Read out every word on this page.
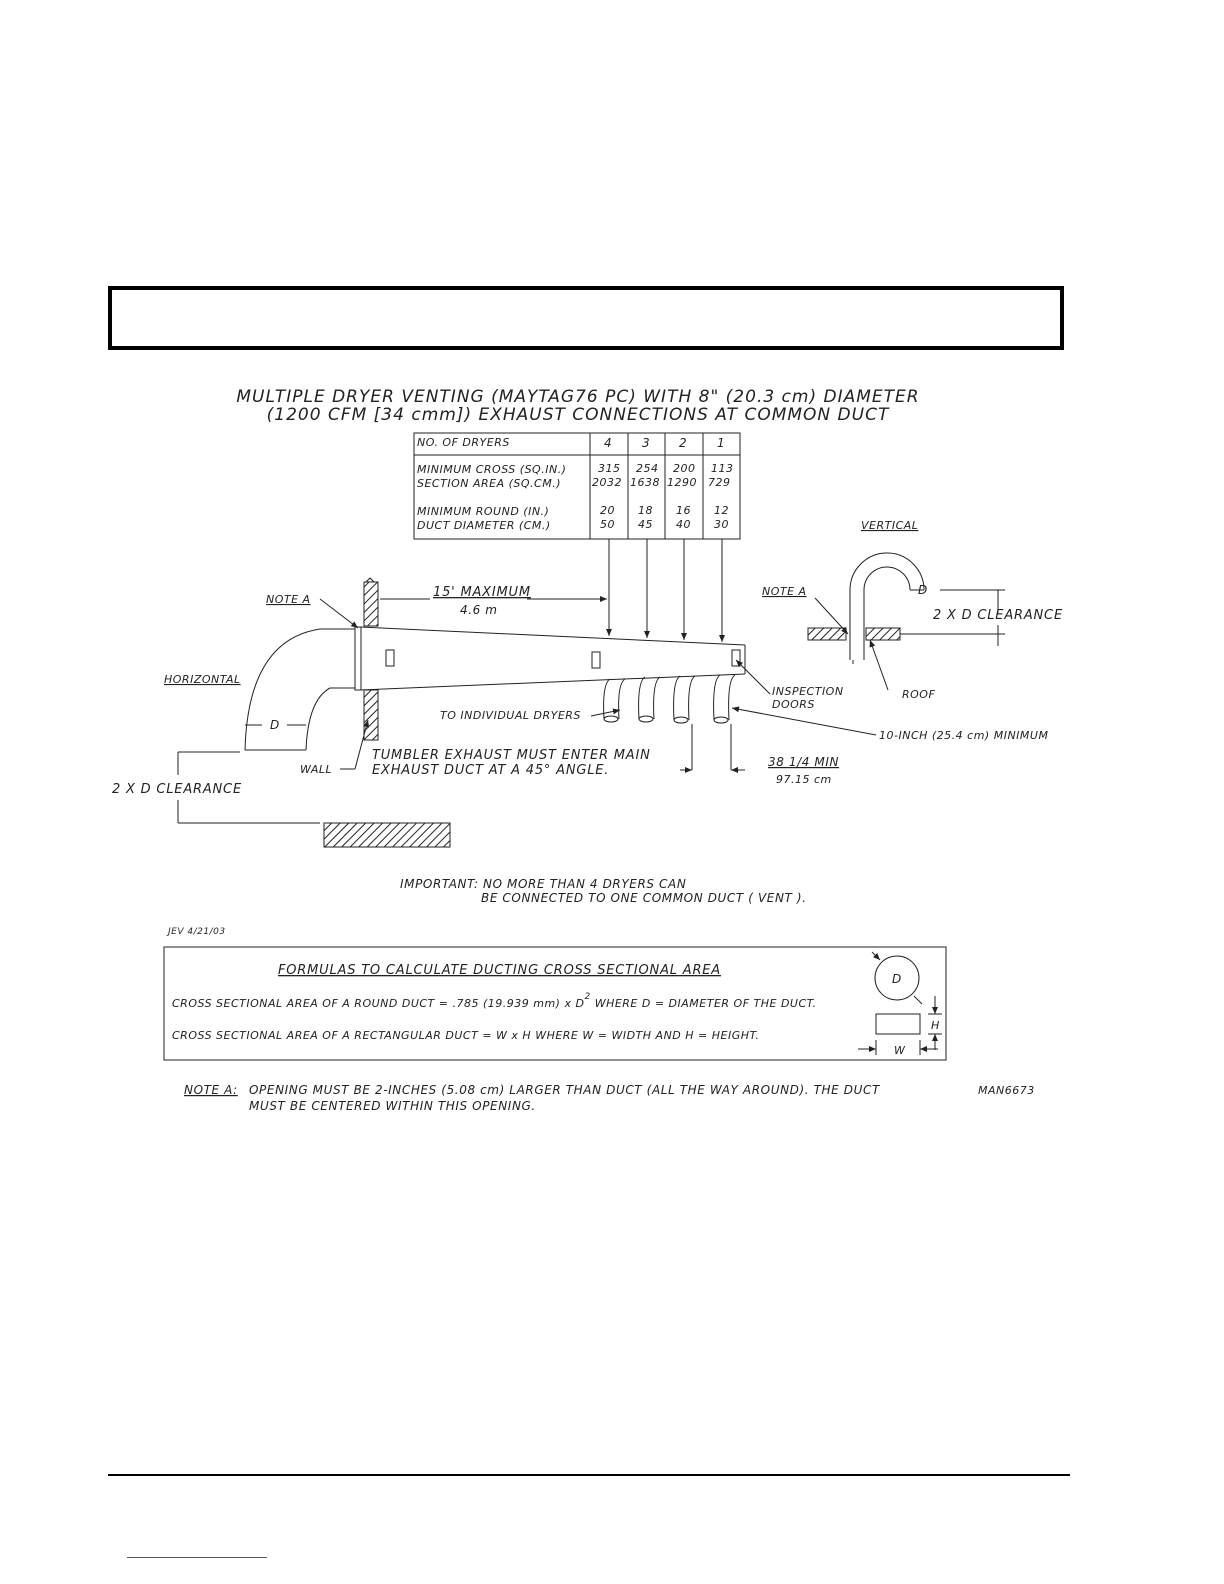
MULTIPLE DRYER VENTING (MAYTAG76 PC) WITH 8" (20.3 cm) DIAMETER
(1200 CFM [34 cmm]) EXHAUST CONNECTIONS AT COMMON DUCT
NO. OF DRYERS	4 3 2 1
MINIMUM CROSS (SQ.IN.)
SECTION AREA (SQ.CM.)
315 254 200 113
2032 1638 1290 729
MINIMUM ROUND (IN.)
DUCT DIAMETER (CM.)
20 18 16 12
50 45 40 30	VERTICAL
NOTE A
NOTE A
15' MAXIMUM
4.6 m
HORIZONTAL
D
D
2 X D CLEARANCE
2 X D CLEARANCE
INSPECTION
DOORS
ROOF
TO INDIVIDUAL DRYERS
10-INCH (25.4 cm) MINIMUM
TUMBLER EXHAUST MUST ENTER MAIN
EXHAUST DUCT AT A 45° ANGLE.
WALL
38 1/4 MIN
97.15 cm
IMPORTANT: NO MORE THAN 4 DRYERS CAN
BE CONNECTED TO ONE COMMON DUCT ( VENT ).
JEV 4/21/03
FORMULAS TO CALCULATE DUCTING CROSS SECTIONAL AREA
CROSS SECTIONAL AREA OF A ROUND DUCT = .785 (19.939 mm) x $D^2$ WHERE D = DIAMETER OF THE DUCT.
CROSS SECTIONAL AREA OF A RECTANGULAR DUCT = W x H WHERE W = WIDTH AND H = HEIGHT.
D
H
W
NOTE A: OPENING MUST BE 2-INCHES (5.08 cm) LARGER THAN DUCT (ALL THE WAY AROUND). THE DUCT
MUST BE CENTERED WITHIN THIS OPENING.
MAN6673
